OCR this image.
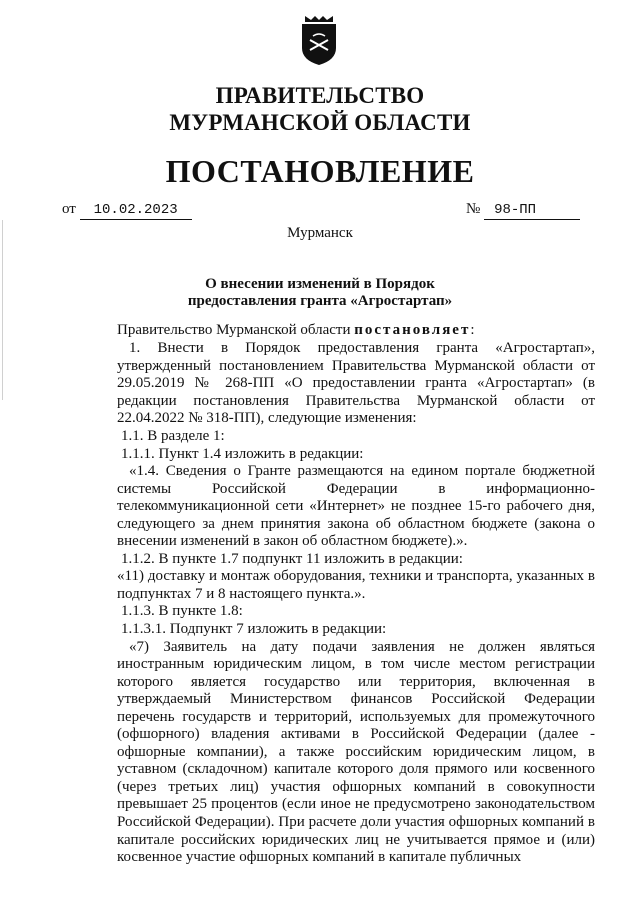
ПРАВИТЕЛЬСТВО
МУРМАНСКОЙ ОБЛАСТИ
ПОСТАНОВЛЕНИЕ
от 10.02.2023	№ 98-ПП
Мурманск
О внесении изменений в Порядок
предоставления гранта «Агростартап»

Правительство Мурманской области постановляет:

1. Внести в Порядок предоставления гранта «Агростартап», утвержденный постановлением Правительства Мурманской области от 29.05.2019 № 268-ПП «О предоставлении гранта «Агростартап» (в редакции постановления Правительства Мурманской области от 22.04.2022 № 318-ПП), следующие изменения:

1.1. В разделе 1:

1.1.1. Пункт 1.4 изложить в редакции:

«1.4. Сведения о Гранте размещаются на едином портале бюджетной системы Российской Федерации в информационно-телекоммуникационной сети «Интернет» не позднее 15-го рабочего дня, следующего за днем принятия закона об областном бюджете (закона о внесении изменений в закон об областном бюджете).».

1.1.2. В пункте 1.7 подпункт 11 изложить в редакции:

«11) доставку и монтаж оборудования, техники и транспорта, указанных в подпунктах 7 и 8 настоящего пункта.».

1.1.3. В пункте 1.8:

1.1.3.1. Подпункт 7 изложить в редакции:

«7) Заявитель на дату подачи заявления не должен являться иностранным юридическим лицом, в том числе местом регистрации которого является государство или территория, включенная в утверждаемый Министерством финансов Российской Федерации перечень государств и территорий, используемых для промежуточного (офшорного) владения активами в Российской Федерации (далее - офшорные компании), а также российским юридическим лицом, в уставном (складочном) капитале которого доля прямого или косвенного (через третьих лиц) участия офшорных компаний в совокупности превышает 25 процентов (если иное не предусмотрено законодательством Российской Федерации). При расчете доли участия офшорных компаний в капитале российских юридических лиц не учитывается прямое и (или) косвенное участие офшорных компаний в капитале публичных
